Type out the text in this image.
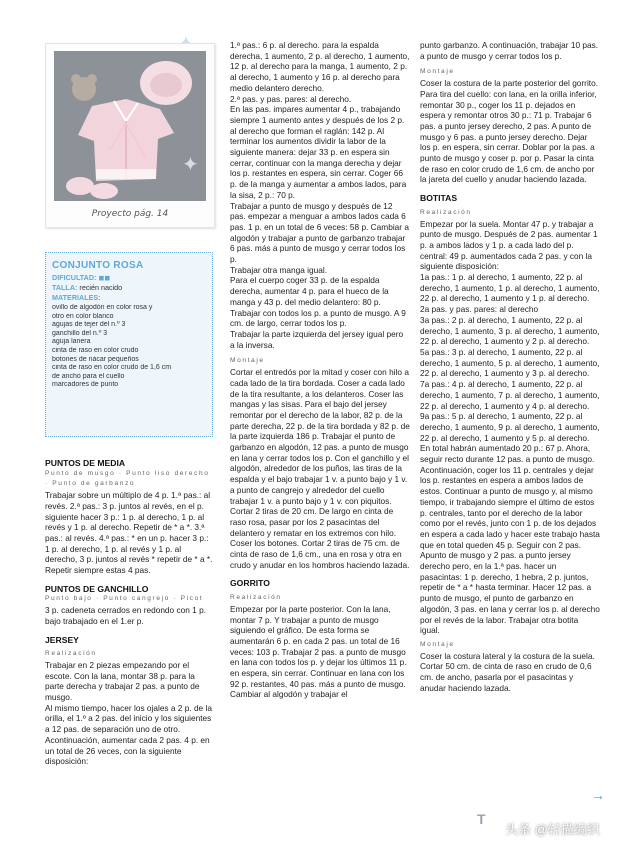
✦
Proyecto pág. 14
CONJUNTO ROSA
DIFICULTAD: ◼◼
TALLA: recién nacido
MATERIALES:
ovillo de algodón en color rosa y
otro en color blanco
agujas de tejer del n.º 3
ganchillo del n.º 3
aguja lanera
cinta de raso en color crudo
botones de nácar pequeños
cinta de raso en color crudo de 1,6 cm
de ancho para el cuello
marcadores de punto
PUNTOS DE MEDIA
Punto de musgo · Punto liso derecho · Punto de garbanzo

Trabajar sobre un múltiplo de 4 p. 1.ª pas.: al revés. 2.ª pas.: 3 p. juntos al revés, en el p. siguiente hacer 3 p.: 1 p. al derecho, 1 p. al revés y 1 p. al derecho. Repetir de * a *. 3.ª pas.: al revés. 4.ª pas.: * en un p. hacer 3 p.: 1 p. al derecho, 1 p. al revés y 1 p. al derecho, 3 p. juntos al revés * repetir de * a *.

Repetir siempre estas 4 pas.

PUNTOS DE GANCHILLO
Punto bajo · Punto cangrejo · Picot

3 p. cadeneta cerrados en redondo con 1 p. bajo trabajado en el 1.er p.

JERSEY
Realización

Trabajar en 2 piezas empezando por el escote. Con la lana, montar 38 p. para la parte derecha y trabajar 2 pas. a punto de musgo.

Al mismo tiempo, hacer los ojales a 2 p. de la orilla, el 1.º a 2 pas. del inicio y los siguientes a 12 pas. de separación uno de otro. Acontinuación, aumentar cada 2 pas. 4 p. en un total de 26 veces, con la siguiente disposición:

1.ª pas.: 6 p. al derecho. para la espalda derecha, 1 aumento, 2 p. al derecho, 1 aumento, 12 p. al derecho para la manga, 1 aumento, 2 p. al derecho, 1 aumento y 16 p. al derecho para medio delantero derecho.

2.ª pas. y pas. pares: al derecho.

En las pas. impares aumentar 4 p., trabajando siempre 1 aumento antes y después de los 2 p. al derecho que forman el raglán: 142 p. Al terminar los aumentos dividir la labor de la siguiente manera: dejar 33 p. en espera sin cerrar, continuar con la manga derecha y dejar los p. restantes en espera, sin cerrar. Coger 66 p. de la manga y aumentar a ambos lados, para la sisa, 2 p.: 70 p.

Trabajar a punto de musgo y después de 12 pas. empezar a menguar a ambos lados cada 6 pas. 1 p. en un total de 6 veces: 58 p. Cambiar a algodón y trabajar a punto de garbanzo trabajar 6 pas. más a punto de musgo y cerrar todos los p.

Trabajar otra manga igual.

Para el cuerpo coger 33 p. de la espalda derecha, aumentar 4 p. para el hueco de la manga y 43 p. del medio delantero: 80 p. Trabajar con todos los p. a punto de musgo. A 9 cm. de largo, cerrar todos los p.

Trabajar la parte izquierda del jersey igual pero a la inversa.

Montaje

Cortar el entredós por la mitad y coser con hilo a cada lado de la tira bordada. Coser a cada lado de la tira resultante, a los delanteros. Coser las mangas y las sisas. Para el bajo del jersey remontar por el derecho de la labor, 82 p. de la parte derecha, 22 p. de la tira bordada y 82 p. de la parte izquierda 186 p. Trabajar el punto de garbanzo en algodón, 12 pas. a punto de musgo en lana y cerrar todos los p. Con el ganchillo y el algodón, alrededor de los puños, las tiras de la espalda y el bajo trabajar 1 v. a punto bajo y 1 v. a punto de cangrejo y alrededor del cuello trabajar 1 v. a punto bajo y 1 v. con piquitos. Cortar 2 tiras de 20 cm. De largo en cinta de raso rosa, pasar por los 2 pasacintas del delantero y rematar en los extremos con hilo. Coser los botones. Cortar 2 tiras de 75 cm. de cinta de raso de 1,6 cm., una en rosa y otra en crudo y anudar en los hombros haciendo lazada.

GORRITO
Realización

Empezar por la parte posterior. Con la lana, montar 7 p. Y trabajar a punto de musgo siguiendo el gráfico. De esta forma se aumentarán 6 p. en cada 2 pas. un total de 16 veces: 103 p. Trabajar 2 pas. a punto de musgo en lana con todos los p. y dejar los últimos 11 p. en espera, sin cerrar. Continuar en lana con los 92 p. restantes, 40 pas. más a punto de musgo. Cambiar al algodón y trabajar el

punto garbanzo. A continuación, trabajar 10 pas. a punto de musgo y cerrar todos los p.

Montaje

Coser la costura de la parte posterior del gorrito. Para tira del cuello: con lana, en la orilla inferior, remontar 30 p., coger los 11 p. dejados en espera y remontar otros 30 p.: 71 p. Trabajar 6 pas. a punto jersey derecho, 2 pas. A punto de musgo y 6 pas. a punto jersey derecho. Dejar los p. en espera, sin cerrar. Doblar por la pas. a punto de musgo y coser p. por p. Pasar la cinta de raso en color crudo de 1,6 cm. de ancho por la jareta del cuello y anudar haciendo lazada.

BOTITAS
Realización

Empezar por la suela. Montar 47 p. y trabajar a punto de musgo. Después de 2 pas. aumentar 1 p. a ambos lados y 1 p. a cada lado del p. central: 49 p. aumentados cada 2 pas. y con la siguiente disposición:

1a pas.: 1 p. al derecho, 1 aumento, 22 p. al derecho, 1 aumento, 1 p. al derecho, 1 aumento, 22 p. al derecho, 1 aumento y 1 p. al derecho.

2a pas. y pas. pares: al derecho

3a pas.: 2 p. al derecho, 1 aumento, 22 p. al derecho, 1 aumento, 3 p. al derecho, 1 aumento, 22 p. al derecho, 1 aumento y 2 p. al derecho.

5a pas.: 3 p. al derecho, 1 aumento, 22 p. al derecho, 1 aumento, 5 p. al derecho, 1 aumento, 22 p. al derecho, 1 aumento y 3 p. al derecho.

7a pas.: 4 p. al derecho, 1 aumento, 22 p. al derecho, 1 aumento, 7 p. al derecho, 1 aumento, 22 p. al derecho, 1 aumento y 4 p. al derecho.

9a pas.: 5 p. al derecho, 1 aumento, 22 p. al derecho, 1 aumento, 9 p. al derecho, 1 aumento, 22 p. al derecho, 1 aumento y 5 p. al derecho.

En total habrán aumentado 20 p.: 67 p. Ahora, seguir recto durante 12 pas. a punto de musgo. Acontinuación, coger los 11 p. centrales y dejar los p. restantes en espera a ambos lados de estos. Continuar a punto de musgo y, al mismo tiempo, ir trabajando siempre el último de estos p. centrales, tanto por el derecho de la labor como por el revés, junto con 1 p. de los dejados en espera a cada lado y hacer este trabajo hasta que en total queden 45 p. Seguir con 2 pas. Apunto de musgo y 2 pas. a punto jersey derecho pero, en la 1.ª pas. hacer un pasacintas: 1 p. derecho, 1 hebra, 2 p. juntos, repetir de * a * hasta terminar. Hacer 12 pas. a punto de musgo, el punto de garbanzo en algodón, 3 pas. en lana y cerrar los p. al derecho por el revés de la labor. Trabajar otra botita igual.

Montaje

Coser la costura lateral y la costura de la suela. Cortar 50 cm. de cinta de raso en crudo de 0,6 cm. de ancho, pasarla por el pasacintas y anudar haciendo lazada.

T
→
头条 @轻描编织
